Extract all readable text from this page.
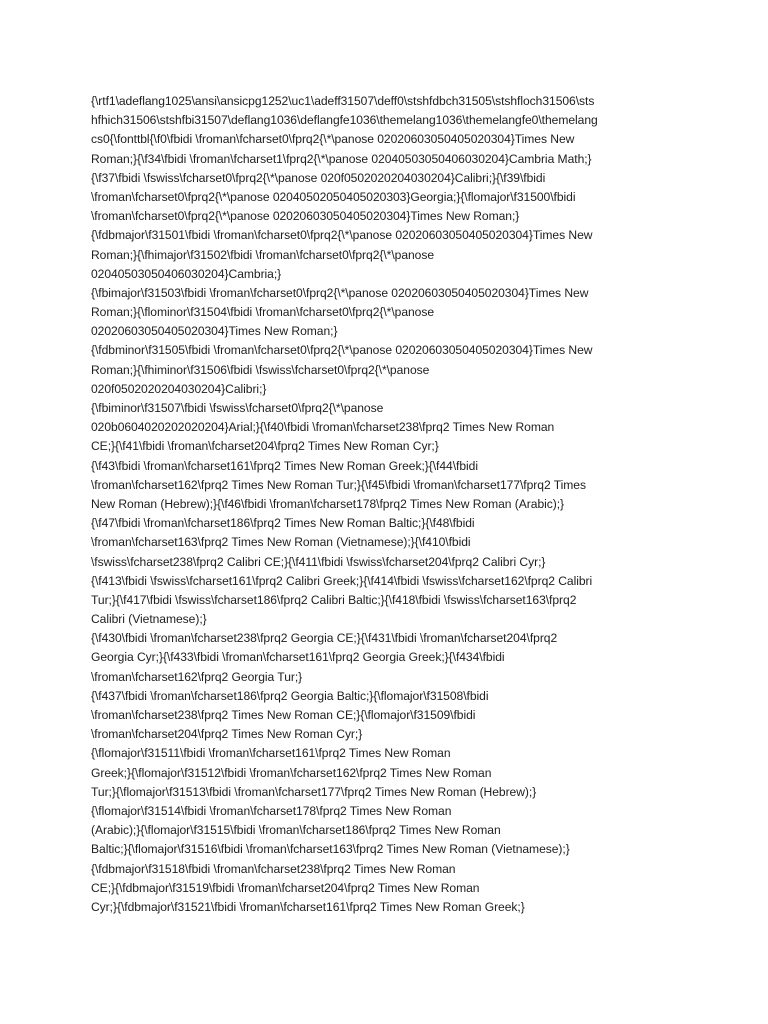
{\rtf1\adeflang1025\ansi\ansicpg1252\uc1\adeff31507\deff0\stshfdbch31505\stshfloch31506\sts
hfhich31506\stshfbi31507\deflang1036\deflangfe1036\themelang1036\themelangfe0\themelang
cs0{\fonttbl{\f0\fbidi \froman\fcharset0\fprq2{\*\panose 02020603050405020304}Times New
Roman;}{\f34\fbidi \froman\fcharset1\fprq2{\*\panose 02040503050406030204}Cambria Math;}
{\f37\fbidi \fswiss\fcharset0\fprq2{\*\panose 020f0502020204030204}Calibri;}{\f39\fbidi
\froman\fcharset0\fprq2{\*\panose 02040502050405020303}Georgia;}{\flomajor\f31500\fbidi
\froman\fcharset0\fprq2{\*\panose 02020603050405020304}Times New Roman;}
{\fdbmajor\f31501\fbidi \froman\fcharset0\fprq2{\*\panose 02020603050405020304}Times New
Roman;}{\fhimajor\f31502\fbidi \froman\fcharset0\fprq2{\*\panose
02040503050406030204}Cambria;}
{\fbimajor\f31503\fbidi \froman\fcharset0\fprq2{\*\panose 02020603050405020304}Times New
Roman;}{\flominor\f31504\fbidi \froman\fcharset0\fprq2{\*\panose
02020603050405020304}Times New Roman;}
{\fdbminor\f31505\fbidi \froman\fcharset0\fprq2{\*\panose 02020603050405020304}Times New
Roman;}{\fhiminor\f31506\fbidi \fswiss\fcharset0\fprq2{\*\panose
020f0502020204030204}Calibri;}
{\fbiminor\f31507\fbidi \fswiss\fcharset0\fprq2{\*\panose
020b0604020202020204}Arial;}{\f40\fbidi \froman\fcharset238\fprq2 Times New Roman
CE;}{\f41\fbidi \froman\fcharset204\fprq2 Times New Roman Cyr;}
{\f43\fbidi \froman\fcharset161\fprq2 Times New Roman Greek;}{\f44\fbidi
\froman\fcharset162\fprq2 Times New Roman Tur;}{\f45\fbidi \froman\fcharset177\fprq2 Times
New Roman (Hebrew);}{\f46\fbidi \froman\fcharset178\fprq2 Times New Roman (Arabic);}
{\f47\fbidi \froman\fcharset186\fprq2 Times New Roman Baltic;}{\f48\fbidi
\froman\fcharset163\fprq2 Times New Roman (Vietnamese);}{\f410\fbidi
\fswiss\fcharset238\fprq2 Calibri CE;}{\f411\fbidi \fswiss\fcharset204\fprq2 Calibri Cyr;}
{\f413\fbidi \fswiss\fcharset161\fprq2 Calibri Greek;}{\f414\fbidi \fswiss\fcharset162\fprq2 Calibri
Tur;}{\f417\fbidi \fswiss\fcharset186\fprq2 Calibri Baltic;}{\f418\fbidi \fswiss\fcharset163\fprq2
Calibri (Vietnamese);}
{\f430\fbidi \froman\fcharset238\fprq2 Georgia CE;}{\f431\fbidi \froman\fcharset204\fprq2
Georgia Cyr;}{\f433\fbidi \froman\fcharset161\fprq2 Georgia Greek;}{\f434\fbidi
\froman\fcharset162\fprq2 Georgia Tur;}
{\f437\fbidi \froman\fcharset186\fprq2 Georgia Baltic;}{\flomajor\f31508\fbidi
\froman\fcharset238\fprq2 Times New Roman CE;}{\flomajor\f31509\fbidi
\froman\fcharset204\fprq2 Times New Roman Cyr;}
{\flomajor\f31511\fbidi \froman\fcharset161\fprq2 Times New Roman
Greek;}{\flomajor\f31512\fbidi \froman\fcharset162\fprq2 Times New Roman
Tur;}{\flomajor\f31513\fbidi \froman\fcharset177\fprq2 Times New Roman (Hebrew);}
{\flomajor\f31514\fbidi \froman\fcharset178\fprq2 Times New Roman
(Arabic);}{\flomajor\f31515\fbidi \froman\fcharset186\fprq2 Times New Roman
Baltic;}{\flomajor\f31516\fbidi \froman\fcharset163\fprq2 Times New Roman (Vietnamese);}
{\fdbmajor\f31518\fbidi \froman\fcharset238\fprq2 Times New Roman
CE;}{\fdbmajor\f31519\fbidi \froman\fcharset204\fprq2 Times New Roman
Cyr;}{\fdbmajor\f31521\fbidi \froman\fcharset161\fprq2 Times New Roman Greek;}
